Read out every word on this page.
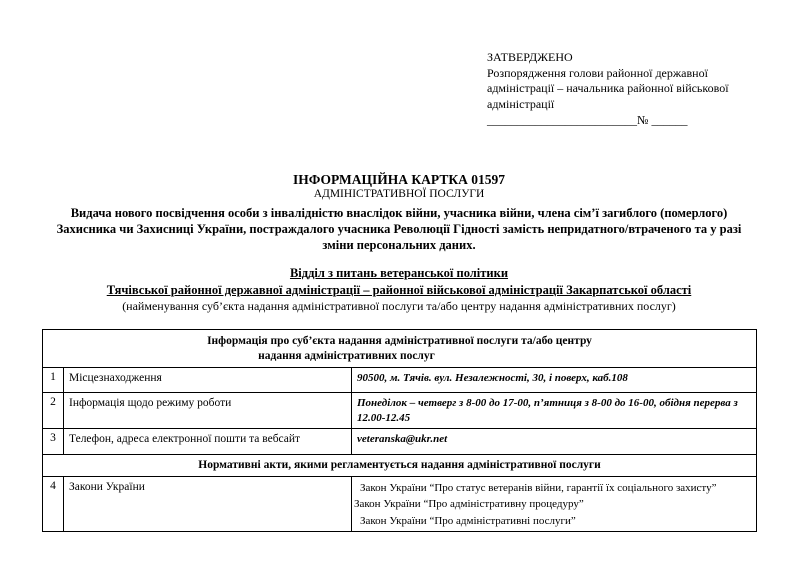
ЗАТВЕРДЖЕНО
Розпорядження голови районної державної адміністрації – начальника районної військової адміністрації
_________________________№ ______
ІНФОРМАЦІЙНА КАРТКА 01597
АДМІНІСТРАТИВНОЇ ПОСЛУГИ
Видача нового посвідчення особи з інвалідністю внаслідок війни, учасника війни, члена сім’ї загиблого (померлого) Захисника чи Захисниці України, постраждалого учасника Революції Гідності замість непридатного/втраченого та у разі зміни персональних даних.
Відділ з питань ветеранської політики
Тячівської районної державної адміністрації – районної військової адміністрації Закарпатської області
(найменування суб’єкта надання адміністративної послуги та/або центру надання адміністративних послуг)
Інформація про суб’єкта надання адміністративної послуги та/або центру
надання адміністративних послуг		

1	Місцезнаходження	90500, м. Тячів. вул. Незалежності, 30, і поверх, каб.108
2	Інформація щодо режиму роботи	Понеділок – четверг з 8-00 до 17-00, п’ятниця з 8-00 до 16-00, обідня перерва з 12.00-12.45
3	Телефон, адреса електронної пошти та вебсайт	veteranska@ukr.net
Нормативні акти, якими регламентується надання адміністративної послуги		
4	Закони України	Закон України “Про статус ветеранів війни, гарантії їх соціального захисту”
Закон України “Про адміністративну процедуру”
Закон України “Про адміністративні послуги”
